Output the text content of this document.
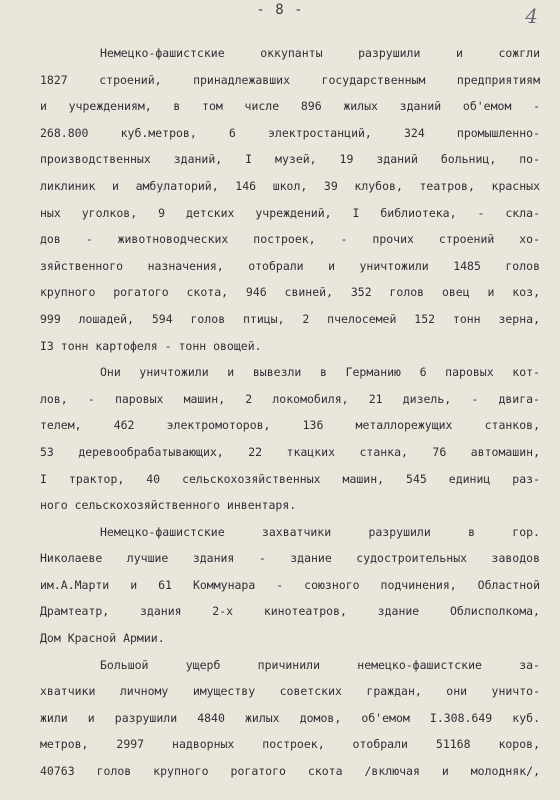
- 8 -	4
Немецко-фашистские оккупанты разрушили и сожгли
1827 строений, принадлежавших государственным предприятиям
и учреждениям, в том числе 896 жилых зданий об'емом -
268.800 куб.метров, 6 электростанций, 324 промышленно-
производственных зданий, I музей, 19 зданий больниц, по-
ликлиник и амбулаторий, 146 школ, 39 клубов, театров, красных
ных уголков, 9 детских учреждений, I библиотека, - скла-
дов - животноводческих построек, - прочих строений хо-
зяйственного назначения, отобрали и уничтожили 1485 голов
крупного рогатого скота, 946 свиней, 352 голов овец и коз,
999 лошадей, 594 голов птицы, 2 пчелосемей 152 тонн зерна,
I3 тонн картофеля - тонн овощей.
Они уничтожили и вывезли в Германию 6 паровых кот-
лов, - паровых машин, 2 локомобиля, 21 дизель, - двига-
телем, 462 электромоторов, 136 металлорежущих станков,
53 деревообрабатывающих, 22 ткацких станка, 76 автомашин,
I трактор, 40 сельскохозяйственных машин, 545 единиц раз-
ного сельскохозяйственного инвентаря.
Немецко-фашистские захватчики разрушили в гор.
Николаеве лучшие здания - здание судостроительных заводов
им.А.Марти и 61 Коммунара - союзного подчинения, Областной
Драмтеатр, здания 2-х кинотеатров, здание Облисполкома,
Дом Красной Армии.
Большой ущерб причинили немецко-фашистские за-
хватчики личному имуществу советских граждан, они уничто-
жили и разрушили 4840 жилых домов, об'емом I.308.649 куб.
метров, 2997 надворных построек, отобрали 51168 коров,
40763 голов крупного рогатого скота /включая и молодняк/,
